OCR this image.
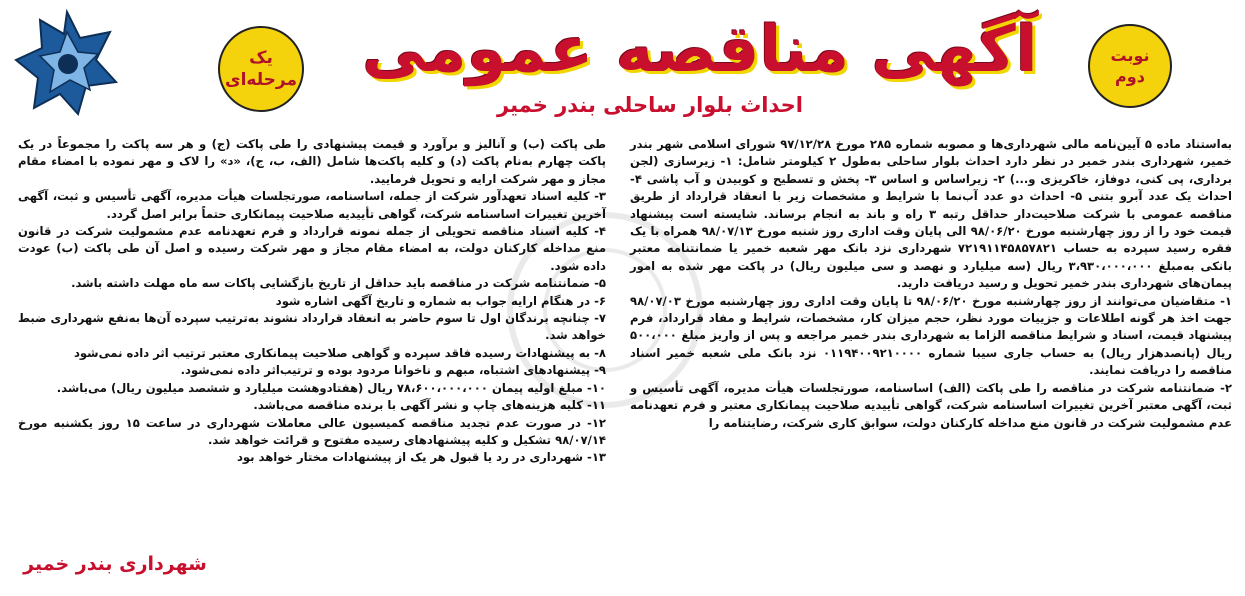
یک مرحله‌ای	آگهی مناقصه عمومی	نوبت دوم
احداث بلوار ساحلی بندر خمیر

به‌استناد ماده ۵ آیین‌نامه مالی شهرداری‌ها و مصوبه شماره ۲۸۵ مورخ ۹۷/۱۲/۲۸ شورای اسلامی شهر بندر خمیر، شهرداری بندر خمیر در نظر دارد احداث بلوار ساحلی به‌طول ۲ کیلومتر شامل: ۱- زیرسازی (لجن برداری، پی کنی، دوفاز، خاکریزی و...) ۲- زیراساس و اساس ۳- پخش و تسطیح و کوبیدن و آب پاشی ۴- احداث یک عدد آبرو بتنی ۵- احداث دو عدد آب‌نما با شرایط و مشخصات زیر با انعقاد قرارداد از طریق مناقصه عمومی با شرکت صلاحیت‌دار حداقل رتبه ۳ راه و باند به انجام برساند. شایسته است پیشنهاد قیمت خود را از روز چهارشنبه مورخ ۹۸/۰۶/۲۰ الی پایان وقت اداری روز شنبه مورخ ۹۸/۰۷/۱۳ همراه با یک فقره رسید سپرده به حساب ۷۲۱۹۱۱۴۵۸۵۷۸۲۱ شهرداری نزد بانک مهر شعبه خمیر یا ضمانتنامه معتبر بانکی به‌مبلغ ۳،۹۳۰،۰۰۰،۰۰۰ ریال (سه میلیارد و نهصد و سی میلیون ریال) در پاکت مهر شده به امور پیمان‌های شهرداری بندر خمیر تحویل و رسید دریافت دارید.

۱- متقاضیان می‌توانند از روز چهارشنبه مورخ ۹۸/۰۶/۲۰ تا پایان وقت اداری روز چهارشنبه مورخ ۹۸/۰۷/۰۳ جهت اخذ هر گونه اطلاعات و جزییات مورد نظر، حجم میزان کار، مشخصات، شرایط و مفاد قرارداد، فرم پیشنهاد قیمت، اسناد و شرایط مناقصه الزاما به شهرداری بندر خمیر مراجعه و پس از واریز مبلغ ۵۰۰،۰۰۰ ریال (پانصدهزار ریال) به حساب جاری سیبا شماره ۰۱۱۹۴۰۰۹۲۱۰۰۰۰ نزد بانک ملی شعبه خمیر اسناد مناقصه را دریافت نمایند.

۲- ضمانتنامه شرکت در مناقصه را طی پاکت (الف) اساسنامه، صورتجلسات هیأت مدیره، آگهی تأسیس و ثبت، آگهی معتبر آخرین تغییرات اساسنامه شرکت، گواهی تأییدیه صلاحیت پیمانکاری معتبر و فرم تعهدنامه عدم مشمولیت شرکت در قانون منع مداخله کارکنان دولت، سوابق کاری شرکت، رضایتنامه را

طی پاکت (ب) و آنالیز و برآورد و قیمت پیشنهادی را طی پاکت (ج) و هر سه پاکت را مجموعاً در یک پاکت چهارم به‌نام پاکت (د) و کلیه پاکت‌ها شامل (الف، ب، ج)، «د» را لاک و مهر نموده با امضاء مقام مجاز و مهر شرکت ارایه و تحویل فرمایید.

۳- کلیه اسناد تعهدآور شرکت از جمله، اساسنامه، صورتجلسات هیأت مدیره، آگهی تأسیس و ثبت، آگهی آخرین تغییرات اساسنامه شرکت، گواهی تأییدیه صلاحیت پیمانکاری حتماً برابر اصل گردد.

۴- کلیه اسناد مناقصه تحویلی از جمله نمونه قرارداد و فرم تعهدنامه عدم مشمولیت شرکت در قانون منع مداخله کارکنان دولت، به امضاء مقام مجاز و مهر شرکت رسیده و اصل آن طی پاکت (ب) عودت داده شود.

۵- ضمانتنامه شرکت در مناقصه باید حداقل از تاریخ بازگشایی پاکات سه ماه مهلت داشته باشد.

۶- در هنگام ارایه جواب به شماره و تاریخ آگهی اشاره شود

۷- چنانچه برندگان اول تا سوم حاضر به انعقاد قرارداد نشوند به‌ترتیب سپرده آن‌ها به‌نفع شهرداری ضبط خواهد شد.

۸- به پیشنهادات رسیده فاقد سپرده و گواهی صلاحیت پیمانکاری معتبر ترتیب اثر داده نمی‌شود

۹- پیشنهادهای اشتباه، مبهم و ناخوانا مردود بوده و ترتیب‌اثر داده نمی‌شود.

۱۰- مبلغ اولیه پیمان ۷۸،۶۰۰،۰۰۰،۰۰۰ ریال (هفتادوهشت میلیارد و ششصد میلیون ریال) می‌باشد.

۱۱- کلیه هزینه‌های چاپ و نشر آگهی با برنده مناقصه می‌باشد.

۱۲- در صورت عدم تجدید مناقصه کمیسیون عالی معاملات شهرداری در ساعت ۱۵ روز یکشنبه مورخ ۹۸/۰۷/۱۴ تشکیل و کلیه پیشنهادهای رسیده مفتوح و قرائت خواهد شد.

۱۳- شهرداری در رد یا قبول هر یک از پیشنهادات مختار خواهد بود

شهرداری بندر خمیر
